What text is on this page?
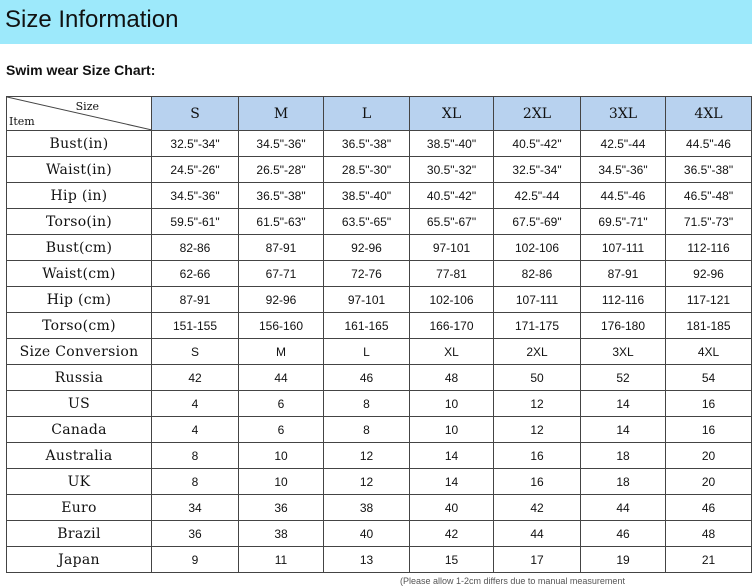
Size Information
Swim wear Size Chart:
Size
Item	S	M	L	XL	2XL	3XL	4XL
Bust(in)	32.5"-34"	34.5"-36"	36.5"-38"	38.5"-40"	40.5"-42"	42.5"-44	44.5"-46
Waist(in)	24.5"-26"	26.5"-28"	28.5"-30"	30.5"-32"	32.5"-34"	34.5"-36"	36.5"-38"
Hip (in)	34.5"-36"	36.5"-38"	38.5"-40"	40.5"-42"	42.5"-44	44.5"-46	46.5"-48"
Torso(in)	59.5"-61"	61.5"-63"	63.5"-65"	65.5"-67"	67.5"-69"	69.5"-71"	71.5"-73"
Bust(cm)	82-86	87-91	92-96	97-101	102-106	107-111	112-116
Waist(cm)	62-66	67-71	72-76	77-81	82-86	87-91	92-96
Hip (cm)	87-91	92-96	97-101	102-106	107-111	112-116	117-121
Torso(cm)	151-155	156-160	161-165	166-170	171-175	176-180	181-185
Size Conversion	S	M	L	XL	2XL	3XL	4XL
Russia	42	44	46	48	50	52	54
US	4	6	8	10	12	14	16
Canada	4	6	8	10	12	14	16
Australia	8	10	12	14	16	18	20
UK	8	10	12	14	16	18	20
Euro	34	36	38	40	42	44	46
Brazil	36	38	40	42	44	46	48
Japan	9	11	13	15	17	19	21
(Please allow 1-2cm differs due to manual measurement
